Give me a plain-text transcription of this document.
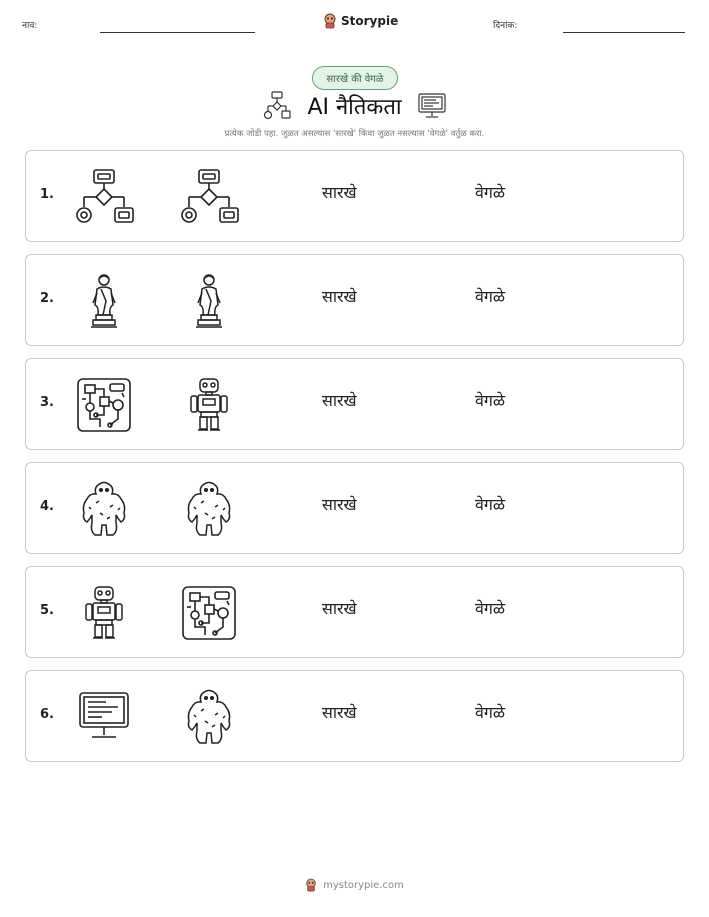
नाव:	Storypie	दिनांक:
सारखे की वेगळे
AI नैतिकता
प्रत्येक जोडी पहा. जुळत असल्यास 'सारखे' किंवा जुळत नसल्यास 'वेगळे' वर्तुळ करा.
1.	सारखे	वेगळे
2.	सारखे	वेगळे
3.	सारखे	वेगळे
4.	सारखे	वेगळे
5.	सारखे	वेगळे
6.	सारखे	वेगळे
mystorypie.com
